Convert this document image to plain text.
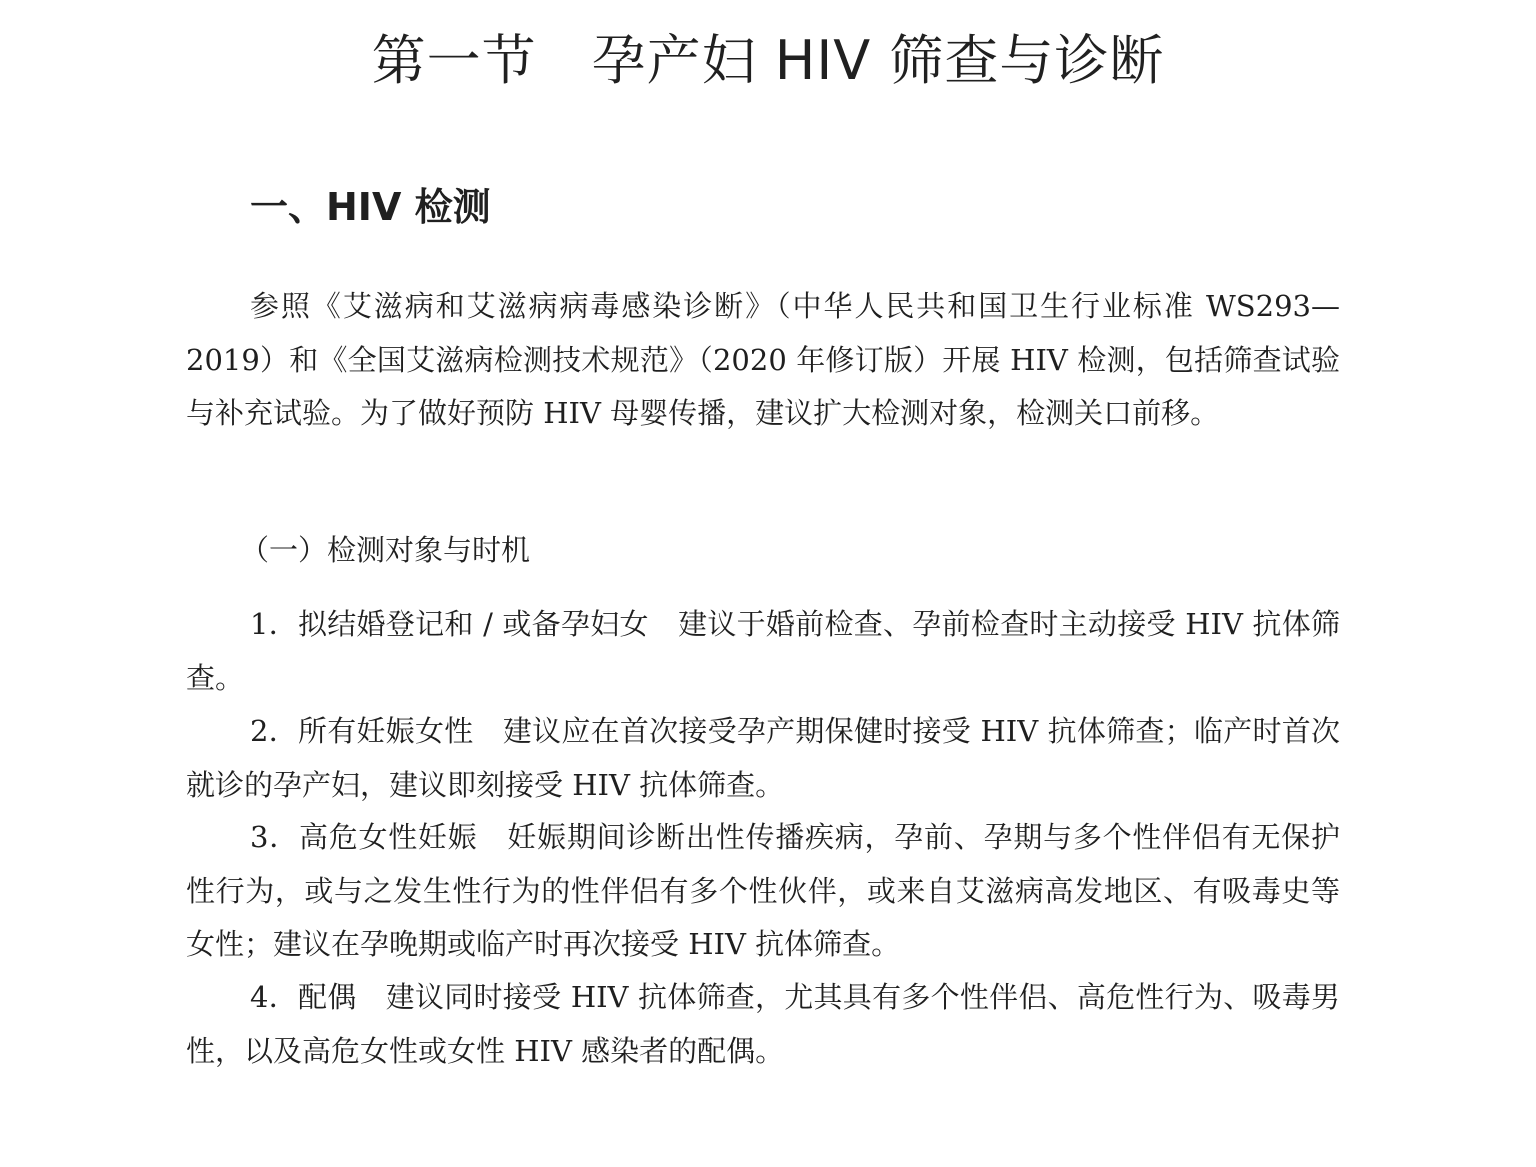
第一节　孕产妇 HIV 筛查与诊断
一、HIV 检测

参照《艾滋病和艾滋病病毒感染诊断》（中华人民共和国卫生行业标准 WS293—2019）和《全国艾滋病检测技术规范》（2020 年修订版）开展 HIV 检测，包括筛查试验与补充试验。为了做好预防 HIV 母婴传播，建议扩大检测对象，检测关口前移。

（一）检测对象与时机

1．拟结婚登记和 / 或备孕妇女　建议于婚前检查、孕前检查时主动接受 HIV 抗体筛查。

2．所有妊娠女性　建议应在首次接受孕产期保健时接受 HIV 抗体筛查；临产时首次就诊的孕产妇，建议即刻接受 HIV 抗体筛查。

3．高危女性妊娠　妊娠期间诊断出性传播疾病，孕前、孕期与多个性伴侣有无保护性行为，或与之发生性行为的性伴侣有多个性伙伴，或来自艾滋病高发地区、有吸毒史等女性；建议在孕晚期或临产时再次接受 HIV 抗体筛查。

4．配偶　建议同时接受 HIV 抗体筛查，尤其具有多个性伴侣、高危性行为、吸毒男性，以及高危女性或女性 HIV 感染者的配偶。
